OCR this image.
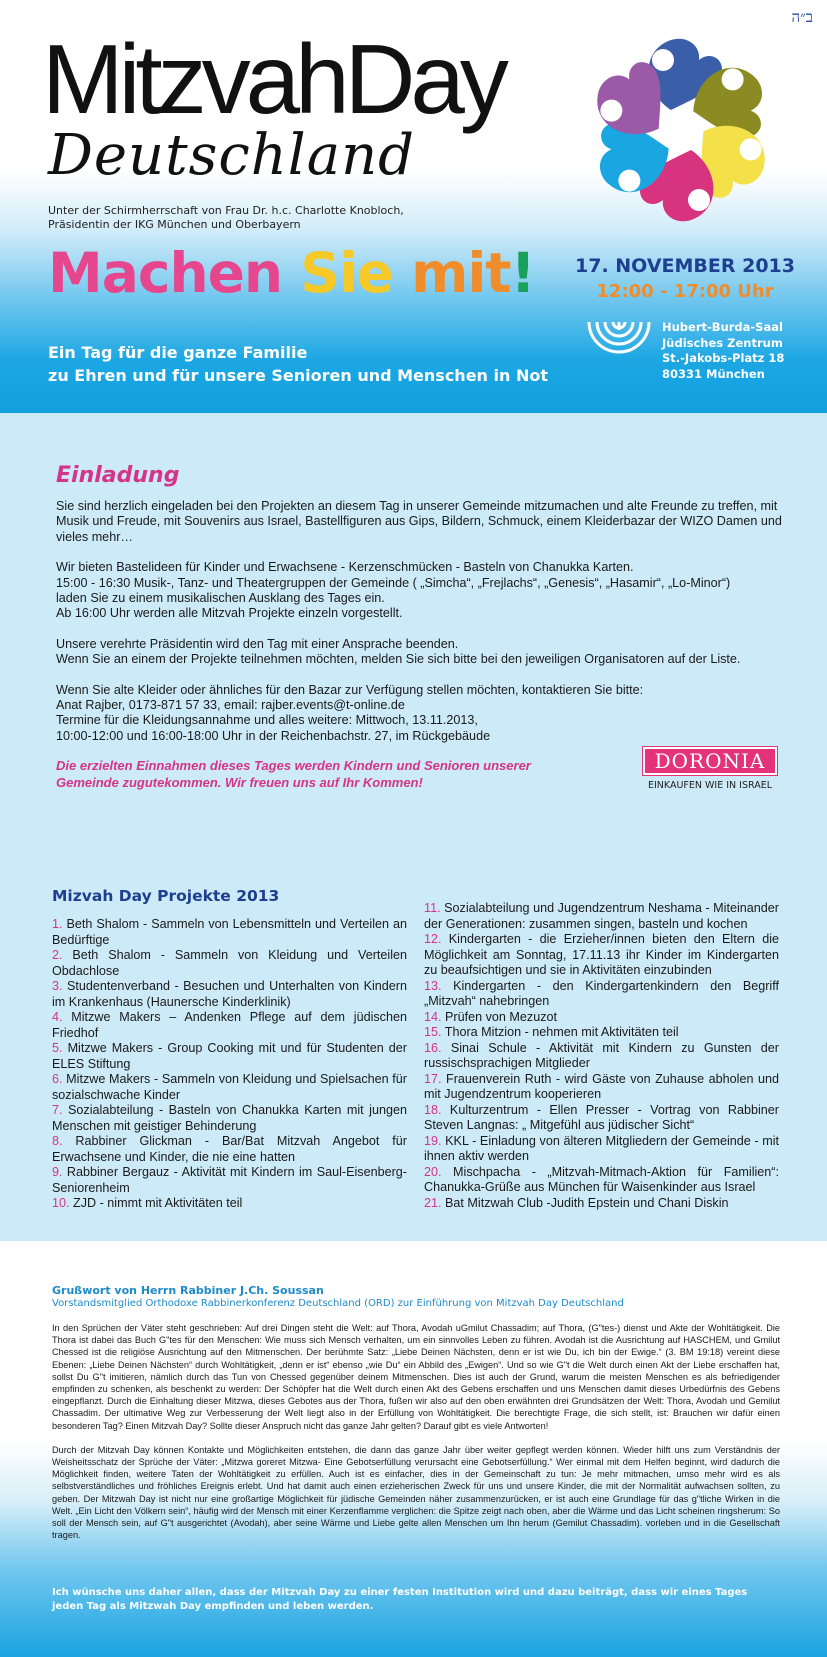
ב״ה
MitzvahDay
Deutschland
Unter der Schirmherrschaft von Frau Dr. h.c. Charlotte Knobloch,
Präsidentin der IKG München und Oberbayern
Machen Sie mit!
Ein Tag für die ganze Familie
zu Ehren und für unsere Senioren und Menschen in Not
17. NOVEMBER 2013
12:00 - 17:00 Uhr
Hubert-Burda-Saal
Jüdisches Zentrum
St.-Jakobs-Platz 18
80331 München
Einladung

Sie sind herzlich eingeladen bei den Projekten an diesem Tag in unserer Gemeinde mitzumachen und alte Freunde zu treffen, mit Musik und Freude, mit Souvenirs aus Israel, Bastellfiguren aus Gips, Bildern, Schmuck, einem Kleiderbazar der WIZO Damen und vieles mehr…

Wir bieten Bastelideen für Kinder und Erwachsene - Kerzenschmücken - Basteln von Chanukka Karten.
15:00 - 16:30 Musik-, Tanz- und Theatergruppen der Gemeinde ( „Simcha“, „Frejlachs“, „Genesis“, „Hasamir“, „Lo-Minor“)
laden Sie zu einem musikalischen Ausklang des Tages ein.
Ab 16:00 Uhr werden alle Mitzvah Projekte einzeln vorgestellt.

Unsere verehrte Präsidentin wird den Tag mit einer Ansprache beenden.
Wenn Sie an einem der Projekte teilnehmen möchten, melden Sie sich bitte bei den jeweiligen Organisatoren auf der Liste.

Wenn Sie alte Kleider oder ähnliches für den Bazar zur Verfügung stellen möchten, kontaktieren Sie bitte:
Anat Rajber, 0173-871 57 33, email: rajber.events@t-online.de
Termine für die Kleidungsannahme und alles weitere: Mittwoch, 13.11.2013,
10:00-12:00 und 16:00-18:00 Uhr in der Reichenbachstr. 27, im Rückgebäude

Die erzielten Einnahmen dieses Tages werden Kindern und Senioren unserer Gemeinde zugutekommen. Wir freuen uns auf Ihr Kommen!
DORONIA
EINKAUFEN WIE IN ISRAEL
Mizvah Day Projekte 2013
1. Beth Shalom - Sammeln von Lebensmitteln und Verteilen an Bedürftige
2. Beth Shalom - Sammeln von Kleidung und Verteilen Obdachlose
3. Studentenverband - Besuchen und Unterhalten von Kindern im Krankenhaus (Haunersche Kinderklinik)
4. Mitzwe Makers – Andenken Pflege auf dem jüdischen Friedhof
5. Mitzwe Makers - Group Cooking mit und für Studenten der ELES Stiftung
6. Mitzwe Makers - Sammeln von Kleidung und Spielsachen für sozialschwache Kinder
7. Sozialabteilung - Basteln von Chanukka Karten mit jungen Menschen mit geistiger Behinderung
8. Rabbiner Glickman - Bar/Bat Mitzvah Angebot für Erwachsene und Kinder, die nie eine hatten
9. Rabbiner Bergauz - Aktivität mit Kindern im Saul-Eisenberg-Seniorenheim
10. ZJD - nimmt mit Aktivitäten teil
11. Sozialabteilung und Jugendzentrum Neshama - Miteinander der Generationen: zusammen singen, basteln und kochen
12. Kindergarten - die Erzieher/innen bieten den Eltern die Möglichkeit am Sonntag, 17.11.13 ihr Kinder im Kindergarten zu beaufsichtigen und sie in Aktivitäten einzubinden
13. Kindergarten - den Kindergartenkindern den Begriff „Mitzvah“ nahebringen
14. Prüfen von Mezuzot
15. Thora Mitzion - nehmen mit Aktivitäten teil
16. Sinai Schule - Aktivität mit Kindern zu Gunsten der russischsprachigen Mitglieder
17. Frauenverein Ruth - wird Gäste von Zuhause abholen und mit Jugendzentrum kooperieren
18. Kulturzentrum - Ellen Presser - Vortrag von Rabbiner Steven Langnas: „ Mitgefühl aus jüdischer Sicht“
19. KKL - Einladung von älteren Mitgliedern der Gemeinde - mit ihnen aktiv werden
20. Mischpacha - „Mitzvah-Mitmach-Aktion für Familien“: Chanukka-Grüße aus München für Waisenkinder aus Israel
21. Bat Mitzwah Club -Judith Epstein und Chani Diskin
Grußwort von Herrn Rabbiner J.Ch. Soussan
Vorstandsmitglied Orthodoxe Rabbinerkonferenz Deutschland (ORD) zur Einführung von Mitzvah Day Deutschland

In den Sprüchen der Väter steht geschrieben: Auf drei Dingen steht die Welt: auf Thora, Avodah uGmilut Chassadim; auf Thora, (G"tes-) dienst und Akte der Wohltätigkeit. Die Thora ist dabei das Buch G"tes für den Menschen: Wie muss sich Mensch verhalten, um ein sinnvolles Leben zu führen. Avodah ist die Ausrichtung auf HASCHEM, und Gmilut Chessed ist die religiöse Ausrichtung auf den Mitmenschen. Der berühmte Satz: „Liebe Deinen Nächsten, denn er ist wie Du, ich bin der Ewige.“ (3. BM 19:18) vereint diese Ebenen: „Liebe Deinen Nächsten“ durch Wohltätigkeit, „denn er ist“ ebenso „wie Du“ ein Abbild des „Ewigen“. Und so wie G"t die Welt durch einen Akt der Liebe erschaffen hat, sollst Du G"t imitieren, nämlich durch das Tun von Chessed gegenüber deinem Mitmenschen. Dies ist auch der Grund, warum die meisten Menschen es als befriedigender empfinden zu schenken, als beschenkt zu werden: Der Schöpfer hat die Welt durch einen Akt des Gebens erschaffen und uns Menschen damit dieses Urbedürfnis des Gebens eingepflanzt. Durch die Einhaltung dieser Mitzwa, dieses Gebotes aus der Thora, fußen wir also auf den oben erwähnten drei Grundsätzen der Welt: Thora, Avodah und Gemilut Chassadim. Der ultimative Weg zur Verbesserung der Welt liegt also in der Erfüllung von Wohltätigkeit. Die berechtigte Frage, die sich stellt, ist: Brauchen wir dafür einen besonderen Tag? Einen Mitzvah Day? Sollte dieser Anspruch nicht das ganze Jahr gelten? Darauf gibt es viele Antworten!

Durch der Mitzvah Day können Kontakte und Möglichkeiten entstehen, die dann das ganze Jahr über weiter gepflegt werden können. Wieder hilft uns zum Verständnis der Weisheitsschatz der Sprüche der Väter: „Mitzwa goreret Mitzwa- Eine Gebotserfüllung verursacht eine Gebotserfüllung.“ Wer einmal mit dem Helfen beginnt, wird dadurch die Möglichkeit finden, weitere Taten der Wohltätigkeit zu erfüllen. Auch ist es einfacher, dies in der Gemeinschaft zu tun: Je mehr mitmachen, umso mehr wird es als selbstverständliches und fröhliches Ereignis erlebt. Und hat damit auch einen erzieherischen Zweck für uns und unsere Kinder, die mit der Normalität aufwachsen sollten, zu geben. Der Mitzwah Day ist nicht nur eine großartige Möglichkeit für jüdische Gemeinden näher zusammenzurücken, er ist auch eine Grundlage für das g"tliche Wirken in die Welt. „Ein Licht den Völkern sein“, häufig wird der Mensch mit einer Kerzenflamme verglichen: die Spitze zeigt nach oben, aber die Wärme und das Licht scheinen ringsherum: So soll der Mensch sein, auf G"t ausgerichtet (Avodah), aber seine Wärme und Liebe gelte allen Menschen um Ihn herum (Gemilut Chassadim). vorleben und in die Gesellschaft tragen.

Ich wünsche uns daher allen, dass der Mitzvah Day zu einer festen Institution wird und dazu beiträgt, dass wir eines Tages jeden Tag als Mitzwah Day empfinden und leben werden.
